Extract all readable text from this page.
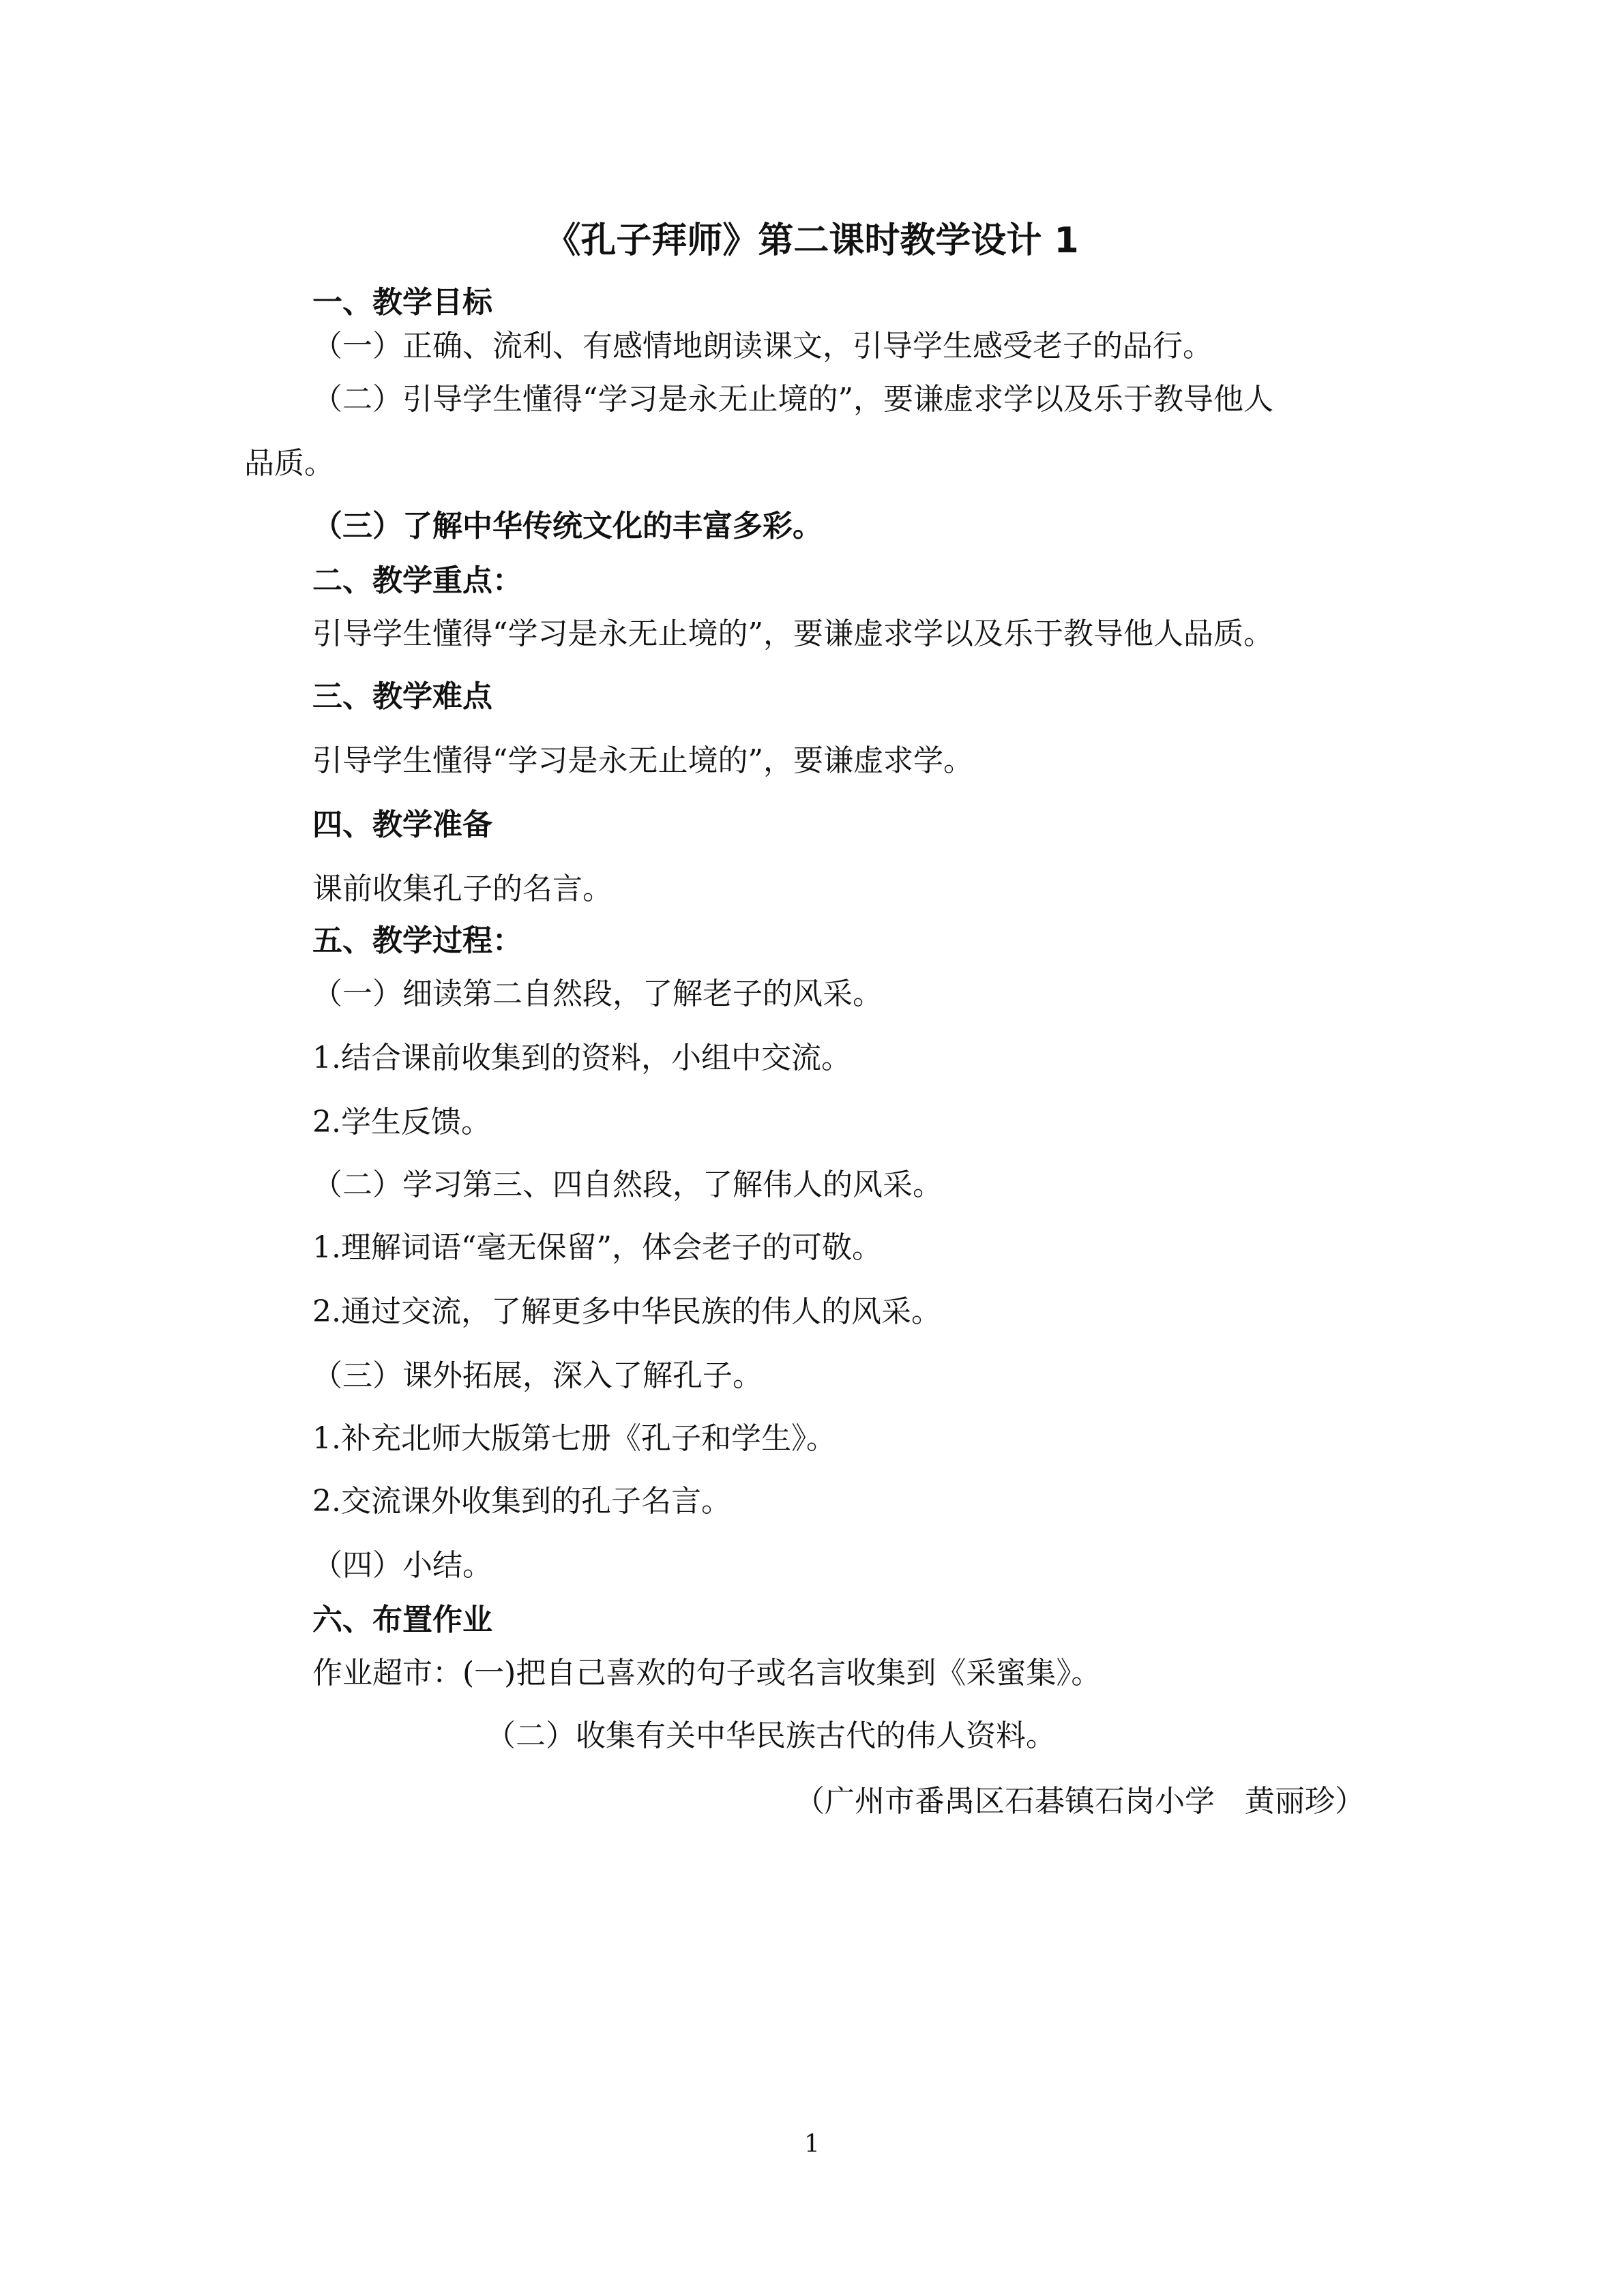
《孔子拜师》第二课时教学设计 1
一、教学目标
（一）正确、流利、有感情地朗读课文，引导学生感受老子的品行。
（二）引导学生懂得“学习是永无止境的”，要谦虚求学以及乐于教导他人
品质。
（三）了解中华传统文化的丰富多彩。
二、教学重点：
引导学生懂得“学习是永无止境的”，要谦虚求学以及乐于教导他人品质。
三、教学难点
引导学生懂得“学习是永无止境的”，要谦虚求学。
四、教学准备
课前收集孔子的名言。
五、教学过程：
（一）细读第二自然段，了解老子的风采。
1.结合课前收集到的资料，小组中交流。
2.学生反馈。
（二）学习第三、四自然段，了解伟人的风采。
1.理解词语“毫无保留”，体会老子的可敬。
2.通过交流，了解更多中华民族的伟人的风采。
（三）课外拓展，深入了解孔子。
1.补充北师大版第七册《孔子和学生》。
2.交流课外收集到的孔子名言。
（四）小结。
六、布置作业
作业超市：(一)把自己喜欢的句子或名言收集到《采蜜集》。
（二）收集有关中华民族古代的伟人资料。
（广州市番禺区石碁镇石岗小学　黄丽珍）
1
